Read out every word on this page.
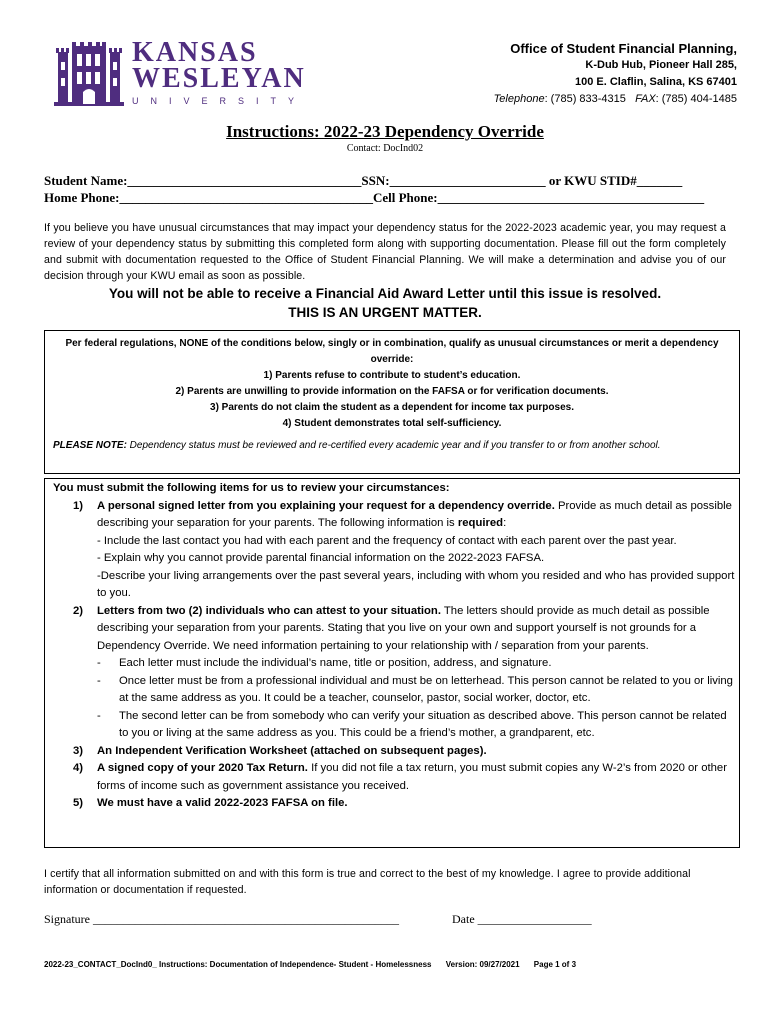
KANSAS
WESLEYAN
UNIVERSITY
Office of Student Financial Planning,
K-Dub Hub, Pioneer Hall 285,
100 E. Claflin, Salina, KS 67401
Telephone: (785) 833-4315 FAX: (785) 404-1485
Instructions: 2022-23 Dependency Override
Contact: DocInd02
Student Name:____________________________________SSN:________________________ or KWU STID#_______
Home Phone:_______________________________________Cell Phone:_________________________________________
If you believe you have unusual circumstances that may impact your dependency status for the 2022-2023 academic year, you may request a review of your dependency status by submitting this completed form along with supporting documentation. Please fill out the form completely and submit with documentation requested to the Office of Student Financial Planning. We will make a determination and advise you of our decision through your KWU email as soon as possible.
You will not be able to receive a Financial Aid Award Letter until this issue is resolved.
THIS IS AN URGENT MATTER.
Per federal regulations, NONE of the conditions below, singly or in combination, qualify as unusual circumstances or merit a dependency override:
1) Parents refuse to contribute to student’s education.
2) Parents are unwilling to provide information on the FAFSA or for verification documents.
3) Parents do not claim the student as a dependent for income tax purposes.
4) Student demonstrates total self-sufficiency.
PLEASE NOTE: Dependency status must be reviewed and re-certified every academic year and if you transfer to or from another school.
You must submit the following items for us to review your circumstances:
1) A personal signed letter from you explaining your request for a dependency override. Provide as much detail as possible describing your separation for your parents. The following information is required:
- Include the last contact you had with each parent and the frequency of contact with each parent over the past year.
- Explain why you cannot provide parental financial information on the 2022-2023 FAFSA.
-Describe your living arrangements over the past several years, including with whom you resided and who has provided support to you.
2) Letters from two (2) individuals who can attest to your situation. The letters should provide as much detail as possible describing your separation from your parents. Stating that you live on your own and support yourself is not grounds for a Dependency Override. We need information pertaining to your relationship with / separation from your parents.
- Each letter must include the individual’s name, title or position, address, and signature.
- Once letter must be from a professional individual and must be on letterhead. This person cannot be related to you or living at the same address as you. It could be a teacher, counselor, pastor, social worker, doctor, etc.
- The second letter can be from somebody who can verify your situation as described above. This person cannot be related to you or living at the same address as you. This could be a friend’s mother, a grandparent, etc.
3) An Independent Verification Worksheet (attached on subsequent pages).
4) A signed copy of your 2020 Tax Return. If you did not file a tax return, you must submit copies any W-2’s from 2020 or other forms of income such as government assistance you received.
5) We must have a valid 2022-2023 FAFSA on file.
I certify that all information submitted on and with this form is true and correct to the best of my knowledge. I agree to provide additional information or documentation if requested.
Signature ___________________________________________________	Date ___________________
2022-23_CONTACT_DocInd0_ Instructions: Documentation of Independence- Student - Homelessness Version: 09/27/2021 Page 1 of 3
